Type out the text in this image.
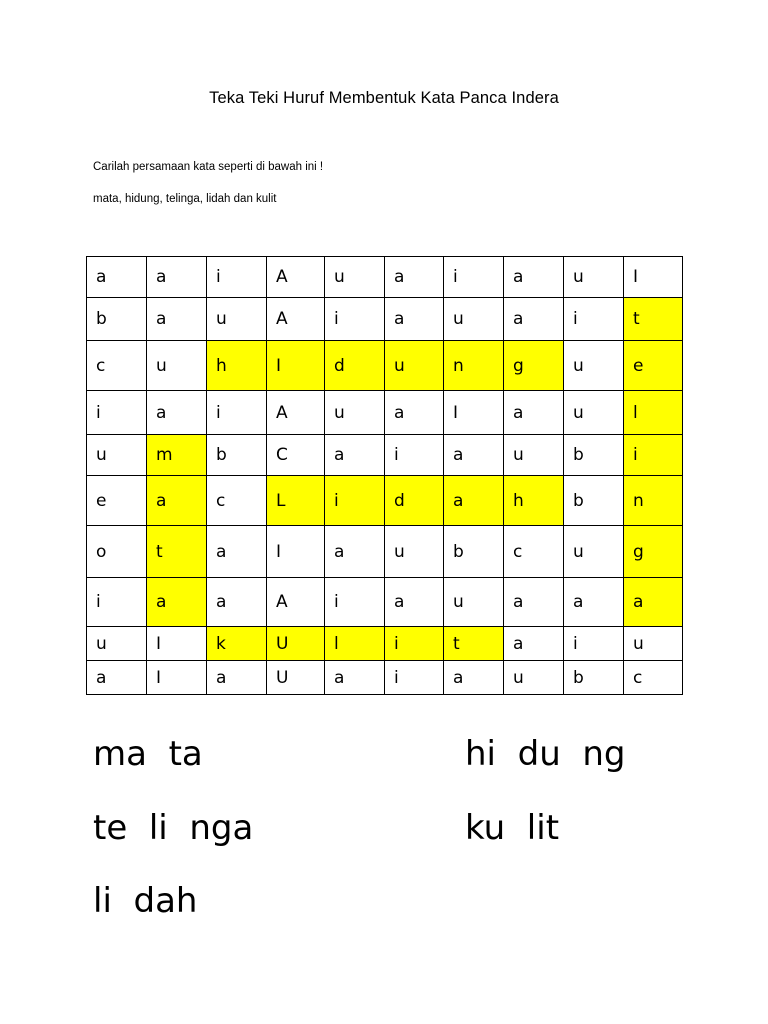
Teka Teki Huruf Membentuk Kata Panca Indera
Carilah persamaan kata seperti di bawah ini !
mata, hidung, telinga, lidah dan kulit
a	a	i	A	u	a	i	a	u	I
b	a	u	A	i	a	u	a	i	t
c	u	h	I	d	u	n	g	u	e
i	a	i	A	u	a	I	a	u	l
u	m	b	C	a	i	a	u	b	i
e	a	c	L	i	d	a	h	b	n
o	t	a	I	a	u	b	c	u	g
i	a	a	A	i	a	u	a	a	a
u	I	k	U	l	i	t	a	i	u
a	I	a	U	a	i	a	u	b	c
ma  ta	hi  du  ng
te  li  nga	ku  lit
li  dah
